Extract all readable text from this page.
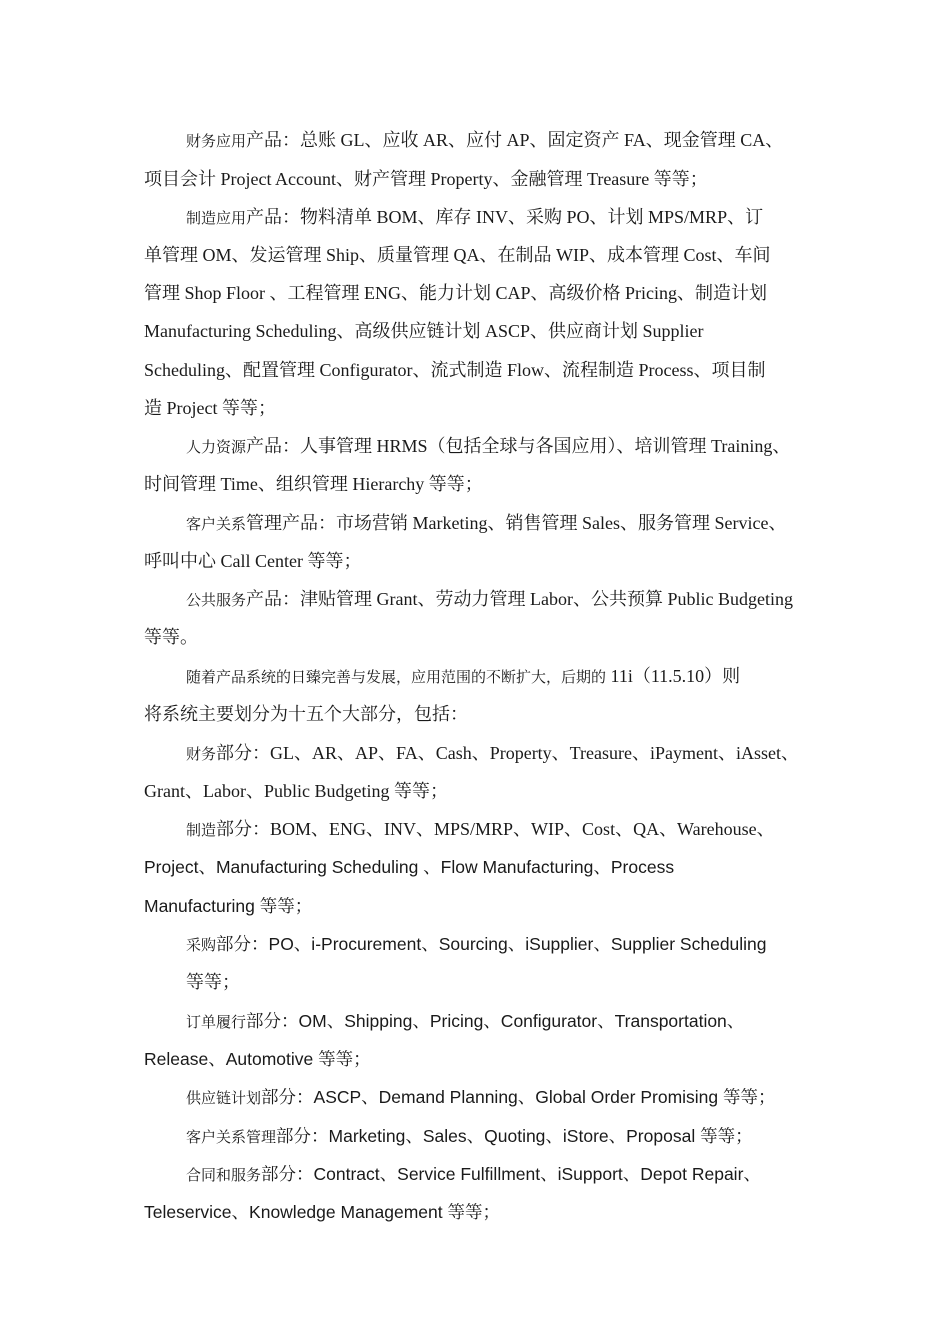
财务应用产品：总账 GL、应收 AR、应付 AP、固定资产 FA、现金管理 CA、
项目会计 Project Account、财产管理 Property、金融管理 Treasure 等等；
制造应用产品：物料清单 BOM、库存 INV、采购 PO、计划 MPS/MRP、订
单管理 OM、发运管理 Ship、质量管理 QA、在制品 WIP、成本管理 Cost、车间
管理 Shop Floor 、工程管理 ENG、能力计划 CAP、高级价格 Pricing、制造计划
Manufacturing Scheduling、高级供应链计划 ASCP、供应商计划 Supplier
Scheduling、配置管理 Configurator、流式制造 Flow、流程制造 Process、项目制
造 Project 等等；
人力资源产品：人事管理 HRMS（包括全球与各国应用）、培训管理 Training、
时间管理 Time、组织管理 Hierarchy 等等；
客户关系管理产品：市场营销 Marketing、销售管理 Sales、服务管理 Service、
呼叫中心 Call Center 等等；
公共服务产品：津贴管理 Grant、劳动力管理 Labor、公共预算 Public Budgeting
等等。
随着产品系统的日臻完善与发展，应用范围的不断扩大，后期的 11i（11.5.10）则
将系统主要划分为十五个大部分，包括：
财务部分：GL、AR、AP、FA、Cash、Property、Treasure、iPayment、iAsset、
Grant、Labor、Public Budgeting 等等；
制造部分：BOM、ENG、INV、MPS/MRP、WIP、Cost、QA、Warehouse、
Project、Manufacturing Scheduling 、Flow Manufacturing、Process
Manufacturing 等等；
采购部分：PO、i-Procurement、Sourcing、iSupplier、Supplier Scheduling
等等；
订单履行部分：OM、Shipping、Pricing、Configurator、Transportation、
Release、Automotive 等等；
供应链计划部分：ASCP、Demand Planning、Global Order Promising 等等；
客户关系管理部分：Marketing、Sales、Quoting、iStore、Proposal 等等；
合同和服务部分：Contract、Service Fulfillment、iSupport、Depot Repair、
Teleservice、Knowledge Management 等等；
